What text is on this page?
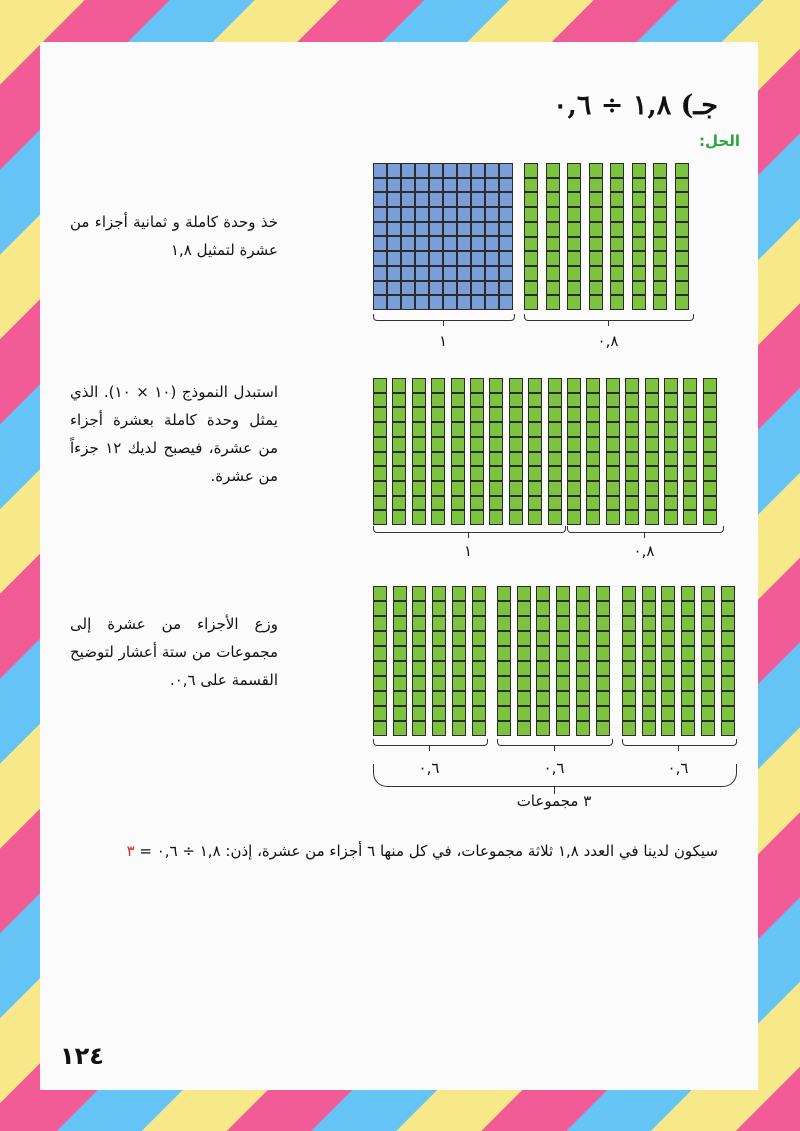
ﺟـ) ١,٨ ÷ ٠,٦
الحل:
خذ وحدة كاملة و ثمانية أجزاء من عشرة لتمثيل ١,٨
١	٠,٨
استبدل النموذج (١٠ × ١٠). الذي يمثل وحدة كاملة بعشرة أجزاء من عشرة، فيصبح لديك ١٢ جزءاً من عشرة.
١	٠,٨
وزع الأجزاء من عشرة إلى مجموعات من ستة أعشار لتوضيح القسمة على ٠,٦.
٠,٦	٠,٦	٠,٦
٣ مجموعات
سيكون لدينا في العدد ١,٨ ثلاثة مجموعات، في كل منها ٦ أجزاء من عشرة، إذن: ١,٨ ÷ ٠,٦ = ٣
١٢٤
